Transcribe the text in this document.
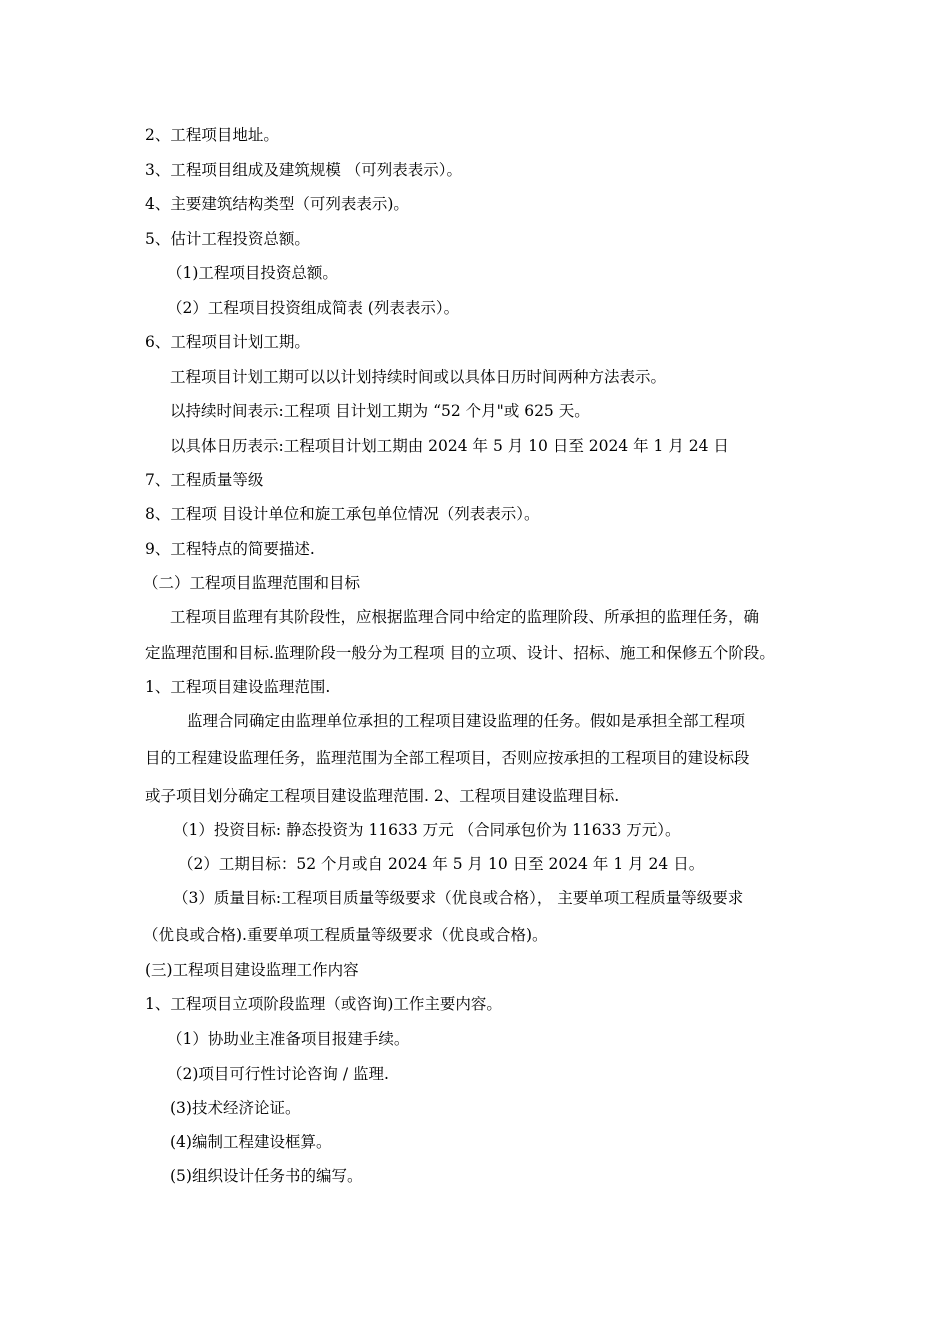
2、工程项目地址。
3、工程项目组成及建筑规模 （可列表表示）。
4、主要建筑结构类型（可列表表示)。
5、估计工程投资总额。
（1)工程项目投资总额。
（2）工程项目投资组成简表 (列表表示）。
6、工程项目计划工期。
工程项目计划工期可以以计划持续时间或以具体日历时间两种方法表示。
以持续时间表示:工程项 目计划工期为 “52 个月"或 625 天。
以具体日历表示:工程项目计划工期由 2024 年 5 月 10 日至 2024 年 1 月 24 日
7、工程质量等级
8、工程项 目设计单位和旋工承包单位情况（列表表示）。
9、工程特点的简要描述.
（二）工程项目监理范围和目标
工程项目监理有其阶段性，应根据监理合同中给定的监理阶段、所承担的监理任务，确
定监理范围和目标.监理阶段一般分为工程项 目的立项、设计、招标、施工和保修五个阶段。
1、工程项目建设监理范围.
监理合同确定由监理单位承担的工程项目建设监理的任务。假如是承担全部工程项
目的工程建设监理任务，监理范围为全部工程项目，否则应按承担的工程项目的建设标段
或子项目划分确定工程项目建设监理范围. 2、工程项目建设监理目标.
（1）投资目标: 静态投资为 11633 万元 （合同承包价为 11633 万元）。
（2）工期目标：52 个月或自 2024 年 5 月 10 日至 2024 年 1 月 24 日。
（3）质量目标:工程项目质量等级要求（优良或合格）， 主要单项工程质量等级要求
（优良或合格).重要单项工程质量等级要求（优良或合格)。
(三)工程项目建设监理工作内容
1、工程项目立项阶段监理（或咨询)工作主要内容。
（1）协助业主准备项目报建手续。
（2)项目可行性讨论咨询 / 监理.
(3)技术经济论证。
(4)编制工程建设框算。
(5)组织设计任务书的编写。
